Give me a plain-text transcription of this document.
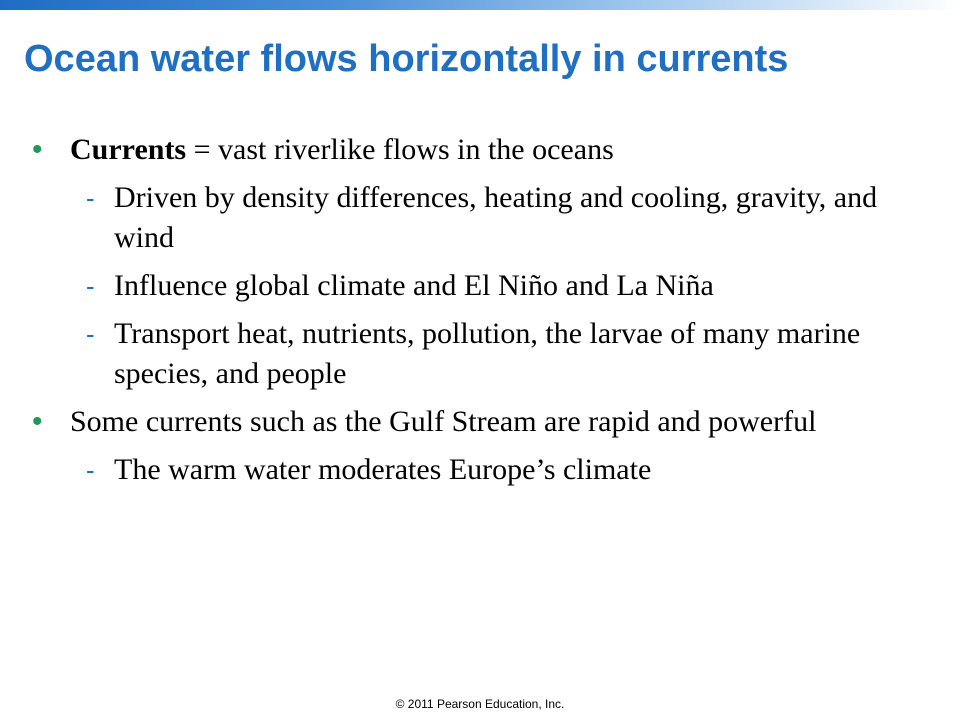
Ocean water flows horizontally in currents
• Currents = vast riverlike flows in the oceans
- Driven by density differences, heating and cooling, gravity, and wind
- Influence global climate and El Niño and La Niña
- Transport heat, nutrients, pollution, the larvae of many marine species, and people
• Some currents such as the Gulf Stream are rapid and powerful
- The warm water moderates Europe’s climate
© 2011 Pearson Education, Inc.
